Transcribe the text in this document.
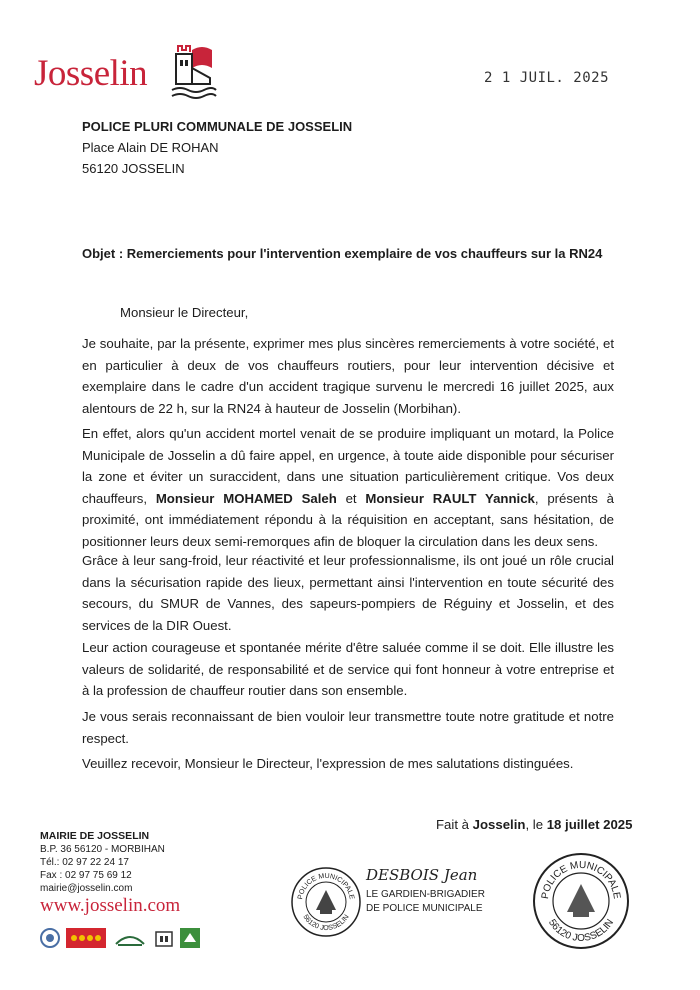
Josselin	2 1 JUIL. 2025
POLICE PLURI COMMUNALE DE JOSSELIN
Place Alain DE ROHAN
56120 JOSSELIN
Objet : Remerciements pour l'intervention exemplaire de vos chauffeurs sur la RN24
Monsieur le Directeur,

Je souhaite, par la présente, exprimer mes plus sincères remerciements à votre société, et en particulier à deux de vos chauffeurs routiers, pour leur intervention décisive et exemplaire dans le cadre d'un accident tragique survenu le mercredi 16 juillet 2025, aux alentours de 22 h, sur la RN24 à hauteur de Josselin (Morbihan).

En effet, alors qu'un accident mortel venait de se produire impliquant un motard, la Police Municipale de Josselin a dû faire appel, en urgence, à toute aide disponible pour sécuriser la zone et éviter un suraccident, dans une situation particulièrement critique. Vos deux chauffeurs, Monsieur MOHAMED Saleh et Monsieur RAULT Yannick, présents à proximité, ont immédiatement répondu à la réquisition en acceptant, sans hésitation, de positionner leurs deux semi-remorques afin de bloquer la circulation dans les deux sens.

Grâce à leur sang-froid, leur réactivité et leur professionnalisme, ils ont joué un rôle crucial dans la sécurisation rapide des lieux, permettant ainsi l'intervention en toute sécurité des secours, du SMUR de Vannes, des sapeurs-pompiers de Réguiny et Josselin, et des services de la DIR Ouest.

Leur action courageuse et spontanée mérite d'être saluée comme il se doit. Elle illustre les valeurs de solidarité, de responsabilité et de service qui font honneur à votre entreprise et à la profession de chauffeur routier dans son ensemble.

Je vous serais reconnaissant de bien vouloir leur transmettre toute notre gratitude et notre respect.

Veuillez recevoir, Monsieur le Directeur, l'expression de mes salutations distinguées.

Fait à Josselin, le 18 juillet 2025
MAIRIE DE JOSSELIN
B.P. 36 56120 - MORBIHAN
Tél.: 02 97 22 24 17
Fax : 02 97 75 69 12
mairie@josselin.com
www.josselin.com	POLICE MUNICIPALE
56120 JOSSELIN
DESBOIS Jean
LE GARDIEN-BRIGADIER
DE POLICE MUNICIPALE
POLICE MUNICIPALE
56120 JOSSELIN
